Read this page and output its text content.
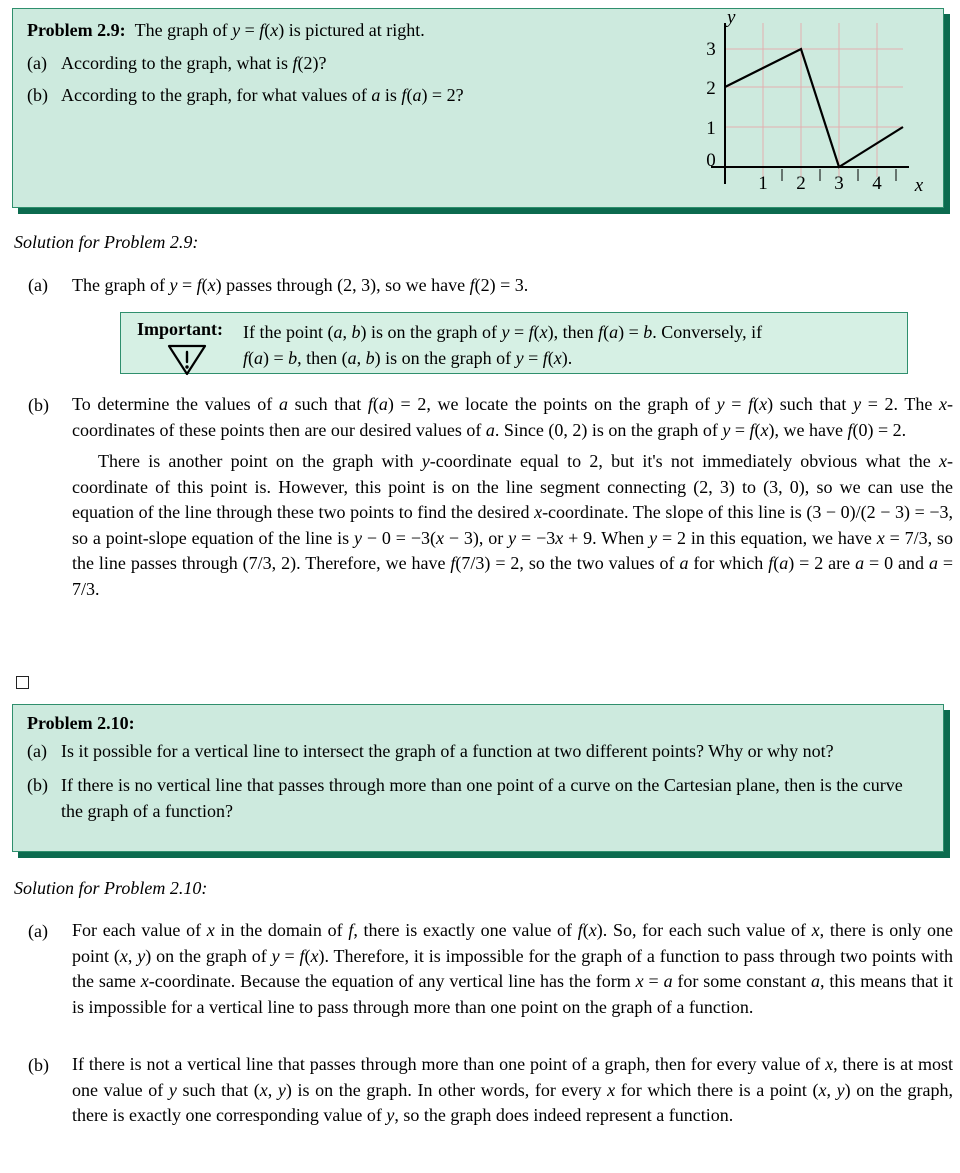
Problem 2.9:  The graph of y = f(x) is pictured at right.
(a) According to the graph, what is f(2)?
(b) According to the graph, for what values of a is f(a) = 2?
3
2
1
0
1 2 3 4 x
y
Solution for Problem 2.9:
(a)	The graph of y = f(x) passes through (2, 3), so we have f(2) = 3.
Important:	If the point (a, b) is on the graph of y = f(x), then f(a) = b. Conversely, if
f(a) = b, then (a, b) is on the graph of y = f(x).
(b)	To determine the values of a such that f(a) = 2, we locate the points on the graph of y = f(x) such that y = 2. The x-coordinates of these points then are our desired values of a. Since (0, 2) is on the graph of y = f(x), we have f(0) = 2.

There is another point on the graph with y-coordinate equal to 2, but it's not immediately obvious what the x-coordinate of this point is. However, this point is on the line segment connecting (2, 3) to (3, 0), so we can use the equation of the line through these two points to find the desired x-coordinate. The slope of this line is (3 − 0)/(2 − 3) = −3, so a point-slope equation of the line is y − 0 = −3(x − 3), or y = −3x + 9. When y = 2 in this equation, we have x = 7/3, so the line passes through (7/3, 2). Therefore, we have f(7/3) = 2, so the two values of a for which f(a) = 2 are a = 0 and a = 7/3.

Problem 2.10:
(a) Is it possible for a vertical line to intersect the graph of a function at two different points? Why or why not?
(b) If there is no vertical line that passes through more than one point of a curve on the Cartesian plane, then is the curve the graph of a function?
Solution for Problem 2.10:
(a)	For each value of x in the domain of f, there is exactly one value of f(x). So, for each such value of x, there is only one point (x, y) on the graph of y = f(x). Therefore, it is impossible for the graph of a function to pass through two points with the same x-coordinate. Because the equation of any vertical line has the form x = a for some constant a, this means that it is impossible for a vertical line to pass through more than one point on the graph of a function.

(b)	If there is not a vertical line that passes through more than one point of a graph, then for every value of x, there is at most one value of y such that (x, y) is on the graph. In other words, for every x for which there is a point (x, y) on the graph, there is exactly one corresponding value of y, so the graph does indeed represent a function.
